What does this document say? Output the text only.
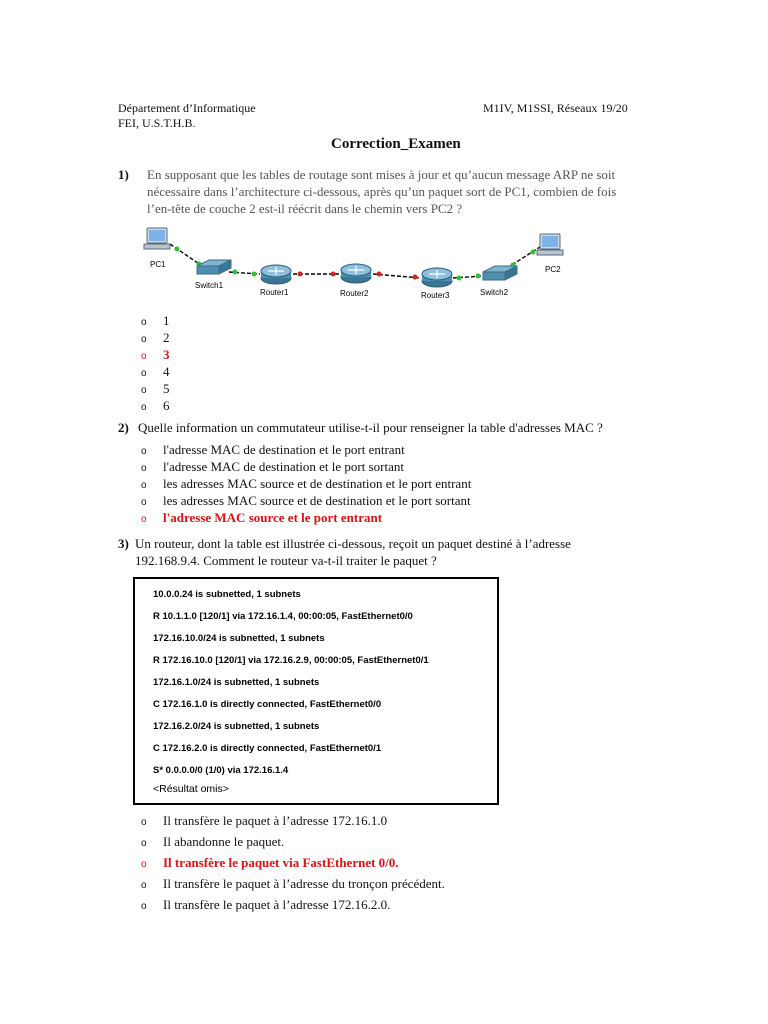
Département d’Informatique
FEI, U.S.T.H.B.
M1IV, M1SSI, Réseaux 19/20
Correction_Examen
1) En supposant que les tables de routage sont mises à jour et qu’aucun message ARP ne soit
nécessaire dans l’architecture ci-dessous, après qu’un paquet sort de PC1, combien de fois
l’en-tête de couche 2 est-il réécrit dans le chemin vers PC2 ?
PC1
Switch1
Router1	Router2	Router3	Switch2
PC2
o 1
o 2
o 3
o 4
o 5
o 6
2) Quelle information un commutateur utilise-t-il pour renseigner la table d'adresses MAC ?
o l'adresse MAC de destination et le port entrant
o l'adresse MAC de destination et le port sortant
o les adresses MAC source et de destination et le port entrant
o les adresses MAC source et de destination et le port sortant
o l'adresse MAC source et le port entrant
3) Un routeur, dont la table est illustrée ci-dessous, reçoit un paquet destiné à l’adresse
192.168.9.4. Comment le routeur va-t-il traiter le paquet ?
10.0.0.24 is subnetted, 1 subnets
R 10.1.1.0 [120/1] via 172.16.1.4, 00:00:05, FastEthernet0/0
172.16.10.0/24 is subnetted, 1 subnets
R 172.16.10.0 [120/1] via 172.16.2.9, 00:00:05, FastEthernet0/1
172.16.1.0/24 is subnetted, 1 subnets
C 172.16.1.0 is directly connected, FastEthernet0/0
172.16.2.0/24 is subnetted, 1 subnets
C 172.16.2.0 is directly connected, FastEthernet0/1
S* 0.0.0.0/0 (1/0) via 172.16.1.4
<Résultat omis>
o Il transfère le paquet à l’adresse 172.16.1.0
o Il abandonne le paquet.
o Il transfère le paquet via FastEthernet 0/0.
o Il transfère le paquet à l’adresse du tronçon précédent.
o Il transfère le paquet à l’adresse 172.16.2.0.
